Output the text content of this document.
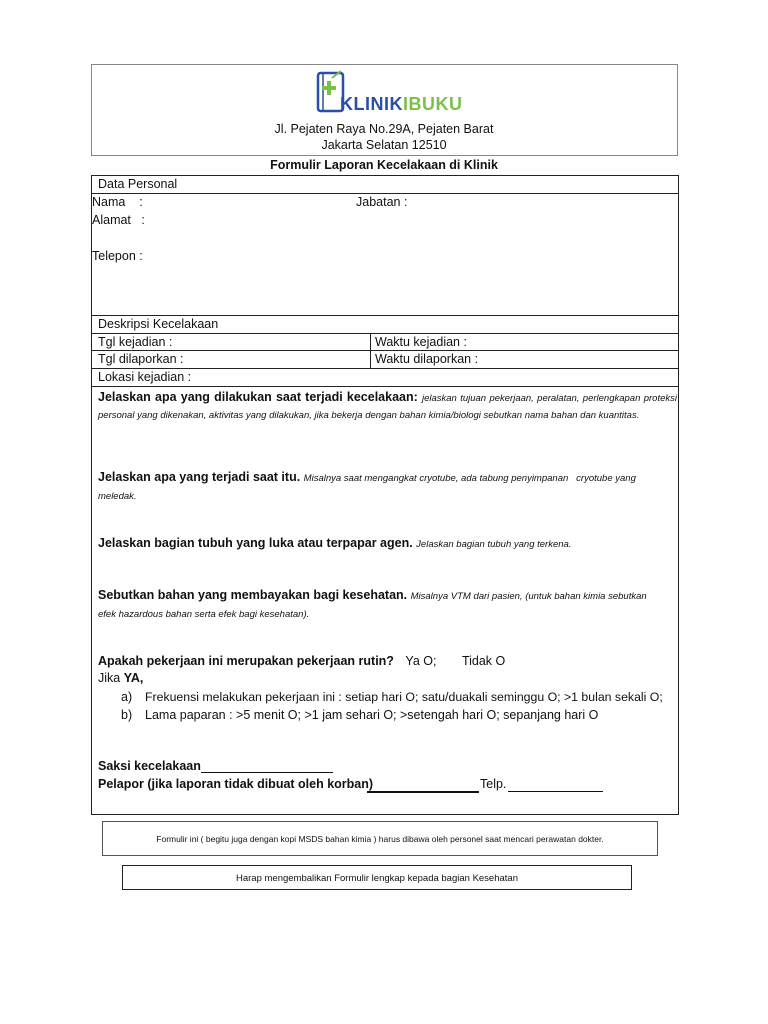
KLINIKIBUKU
Jl. Pejaten Raya No.29A, Pejaten Barat
Jakarta Selatan 12510
Formulir Laporan Kecelakaan di Klinik
Data Personal
Nama    :	Jabatan :
Alamat   :
Telepon :
Deskripsi Kecelakaan
Tgl kejadian :	Waktu kejadian :
Tgl dilaporkan :	Waktu dilaporkan :
Lokasi kejadian :
Jelaskan apa yang dilakukan saat terjadi kecelakaan: jelaskan tujuan pekerjaan, peralatan, perlengkapan proteksi personal yang dikenakan, aktivitas yang dilakukan, jika bekerja dengan bahan kimia/biologi sebutkan nama bahan dan kuantitas.
Jelaskan apa yang terjadi saat itu. Misalnya saat mengangkat cryotube, ada tabung penyimpanan   cryotube yang meledak.
Jelaskan bagian tubuh yang luka atau terpapar agen. Jelaskan bagian tubuh yang terkena.
Sebutkan bahan yang membayakan bagi kesehatan. Misalnya VTM dari pasien, (untuk bahan kimia sebutkan efek hazardous bahan serta efek bagi kesehatan).
Apakah pekerjaan ini merupakan pekerjaan rutin? Ya O; Tidak O
Jika YA,
a) Frekuensi melakukan pekerjaan ini : setiap hari O; satu/duakali seminggu O; >1 bulan sekali O;
b) Lama paparan : >5 menit O; >1 jam sehari O; >setengah hari O; sepanjang hari O
Saksi kecelakaan
Pelapor (jika laporan tidak dibuat oleh korban)	Telp.
Formulir ini ( begitu juga dengan kopi MSDS bahan kimia ) harus dibawa oleh personel saat mencari perawatan dokter.
Harap mengembalikan Formulir lengkap kepada bagian Kesehatan
